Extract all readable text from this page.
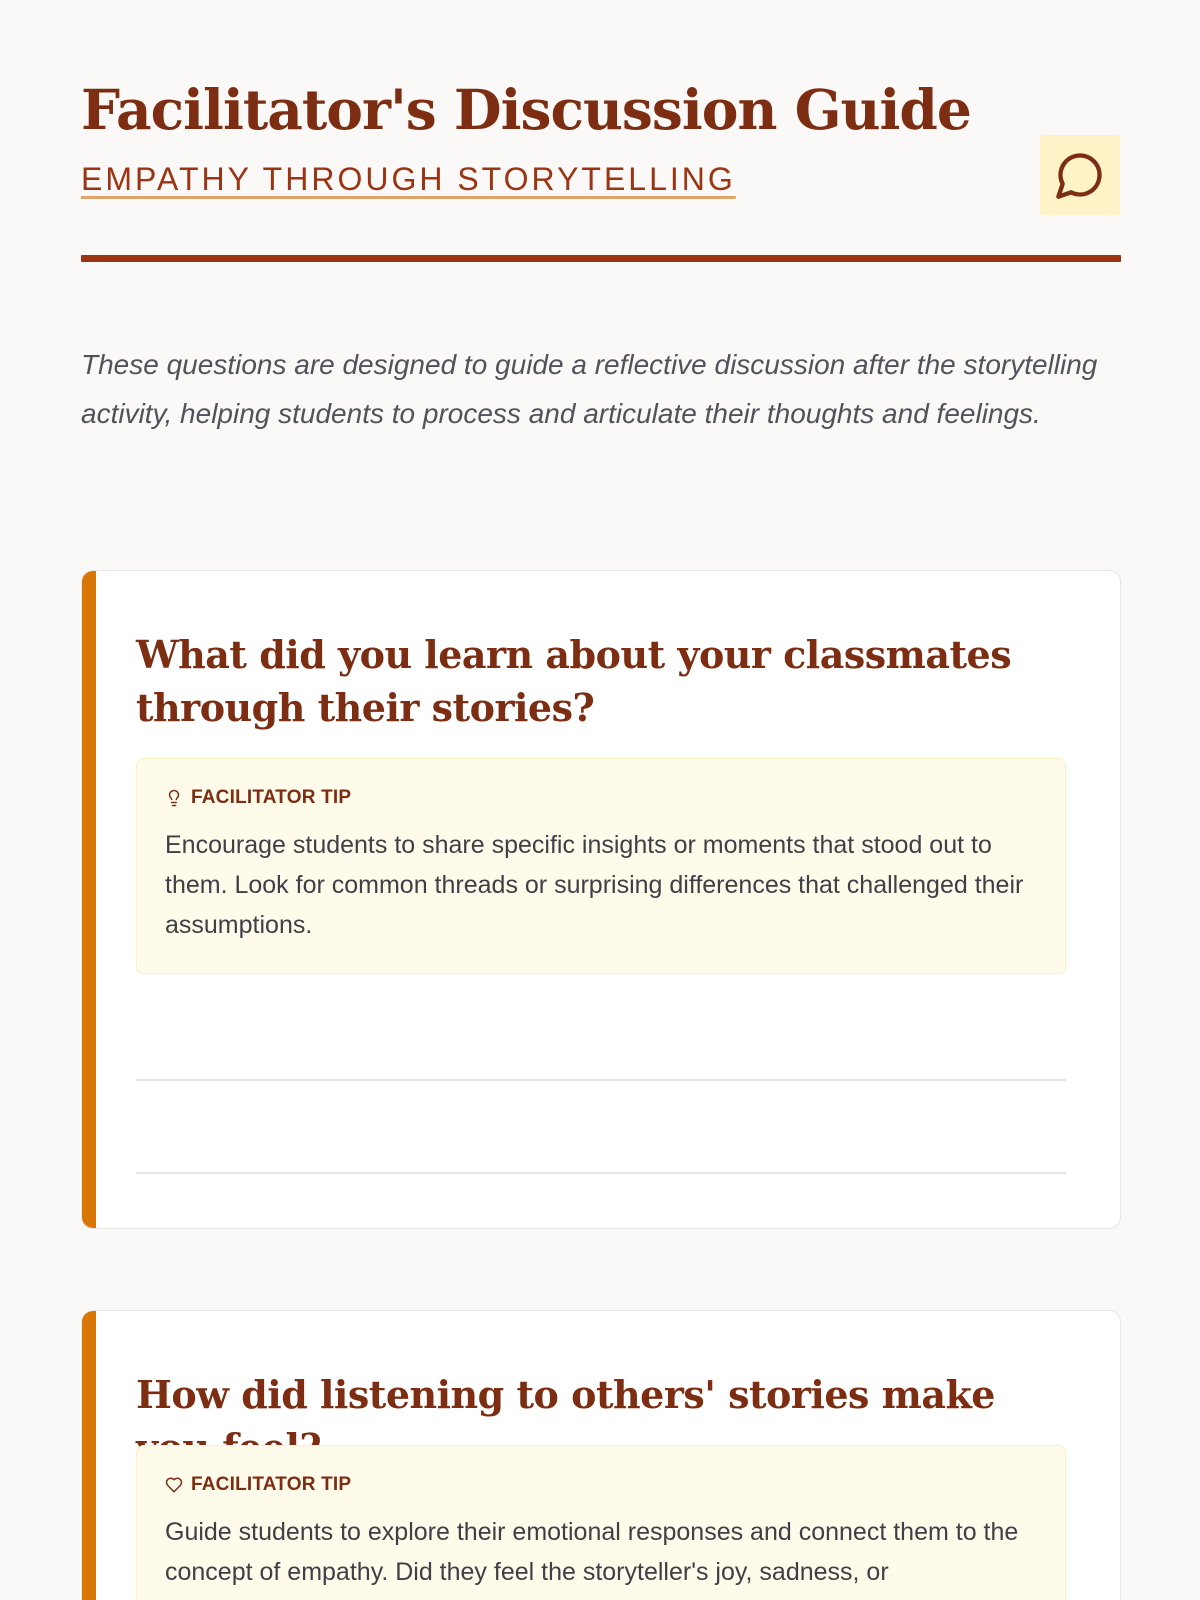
Facilitator's Discussion Guide
EMPATHY THROUGH STORYTELLING

These questions are designed to guide a reflective discussion after the storytelling activity, helping students to process and articulate their thoughts and feelings.

What did you learn about your classmates through their stories?
FACILITATOR TIP

Encourage students to share specific insights or moments that stood out to them. Look for common threads or surprising differences that challenged their assumptions.

How did listening to others' stories make
FACILITATOR TIP

Guide students to explore their emotional responses and connect them to the concept of empathy. Did they feel the storyteller's joy, sadness, or
